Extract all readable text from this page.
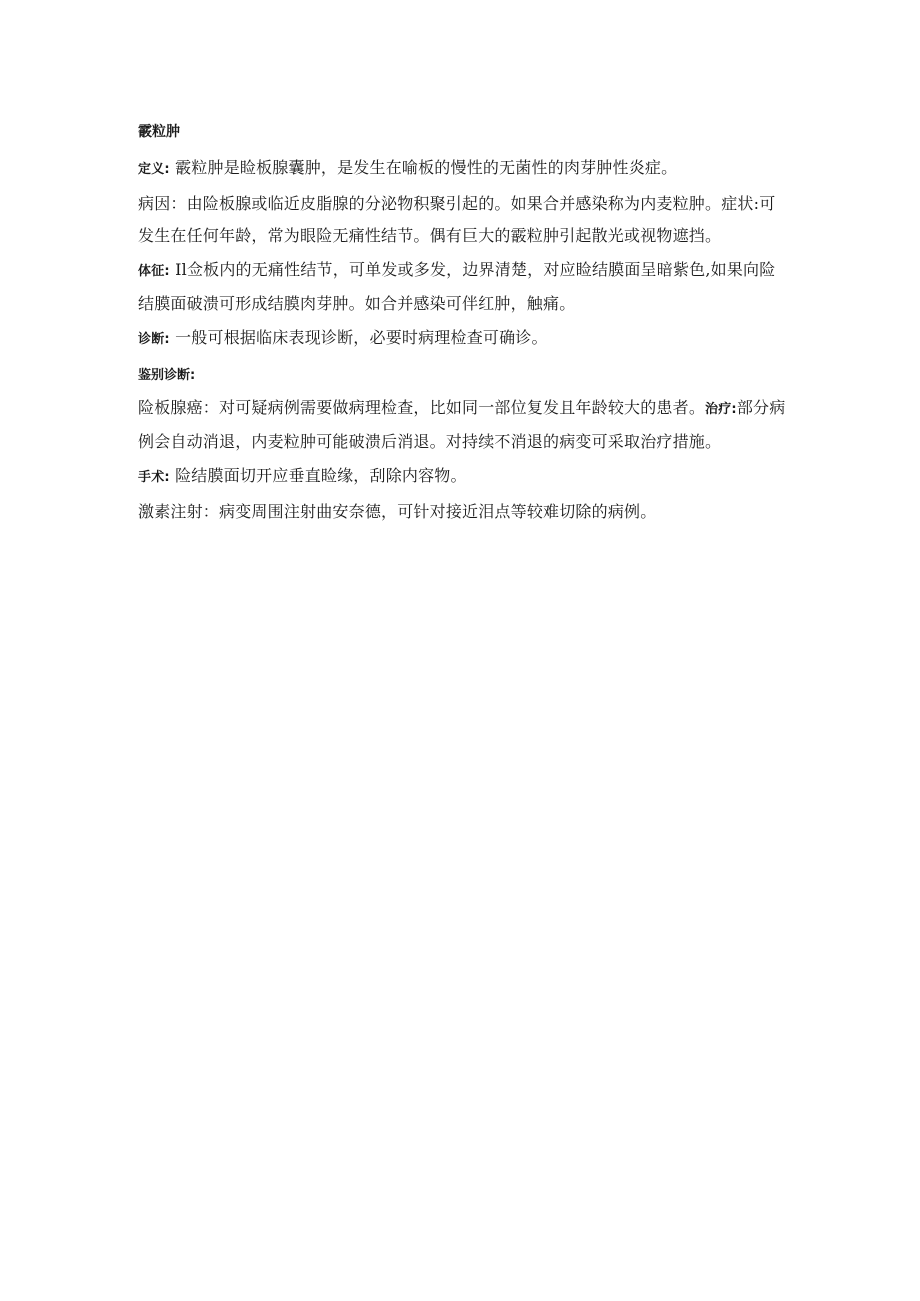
霰粒肿

定义: 霰粒肿是睑板腺囊肿，是发生在喻板的慢性的无菌性的肉芽肿性炎症。

病因：由险板腺或临近皮脂腺的分泌物积聚引起的。如果合并感染称为内麦粒肿。症状:可发生在任何年龄，常为眼险无痛性结节。偶有巨大的霰粒肿引起散光或视物遮挡。

体征: Il佥板内的无痛性结节，可单发或多发，边界清楚，对应睑结膜面呈暗紫色,如果向险结膜面破溃可形成结膜肉芽肿。如合并感染可伴红肿，触痛。

诊断: 一般可根据临床表现诊断，必要时病理检查可确诊。

鉴别诊断:

险板腺癌：对可疑病例需要做病理检查，比如同一部位复发且年龄较大的患者。治疗:部分病例会自动消退，内麦粒肿可能破溃后消退。对持续不消退的病变可采取治疗措施。

手术: 险结膜面切开应垂直睑缘，刮除内容物。

激素注射：病变周围注射曲安奈德，可针对接近泪点等较难切除的病例。
